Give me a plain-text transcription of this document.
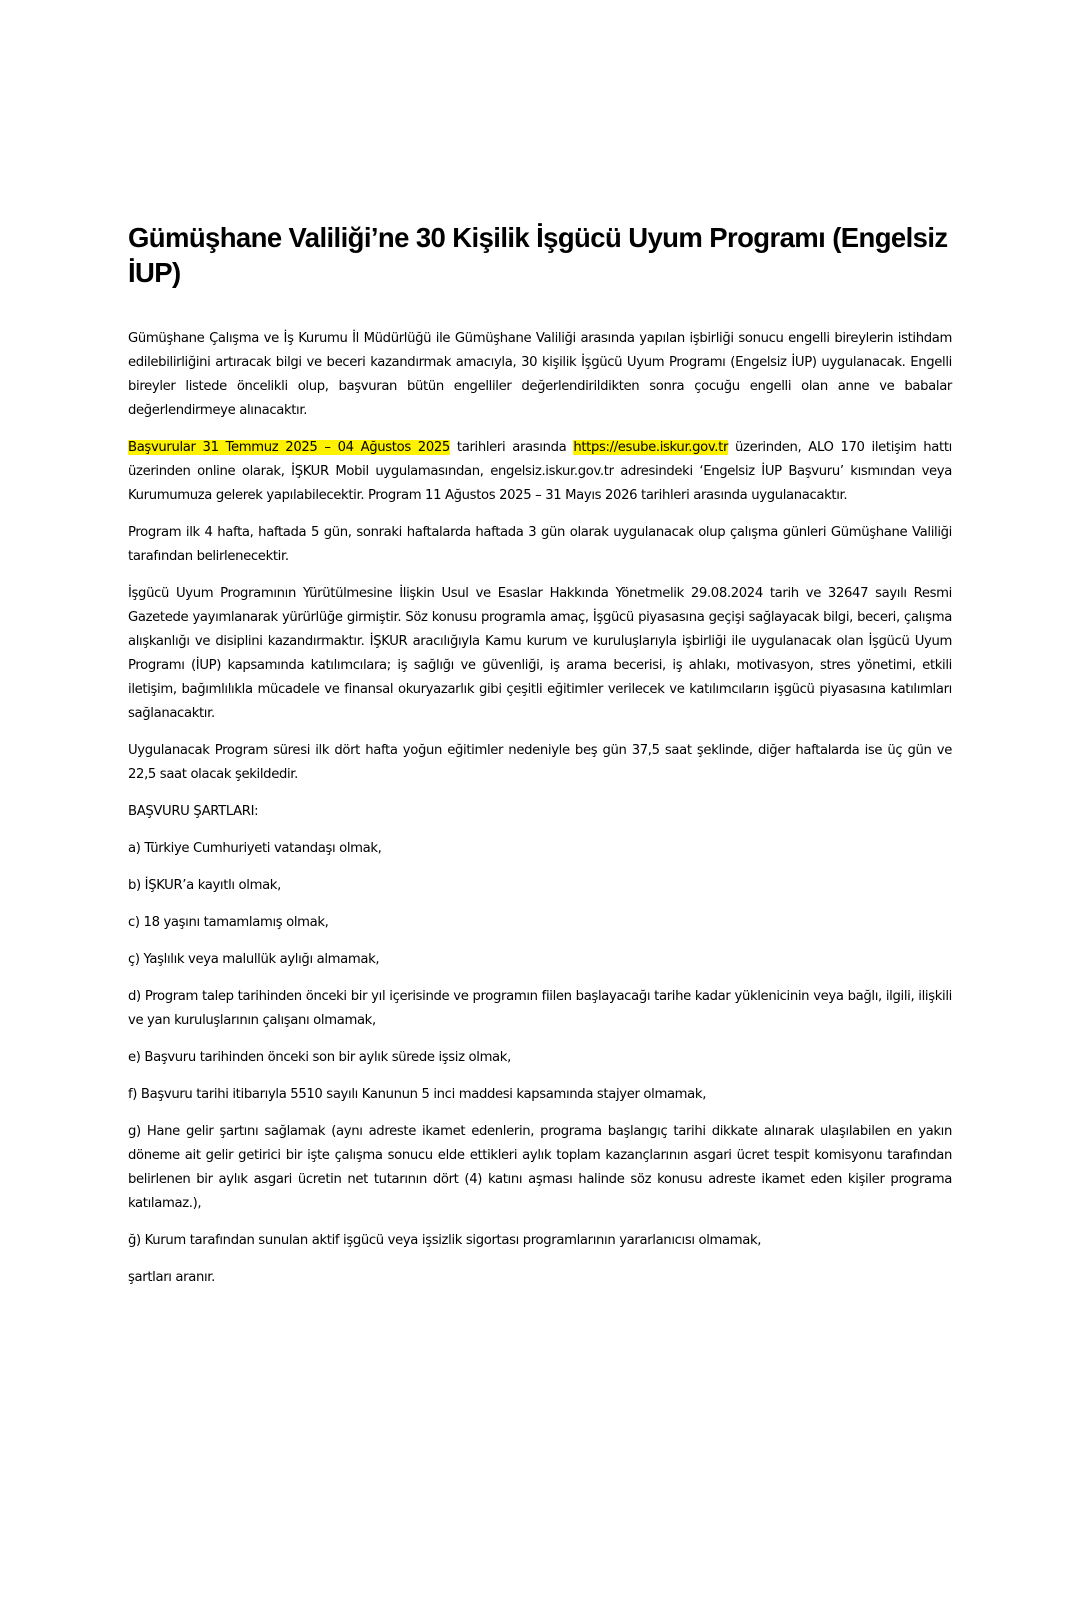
Gümüşhane Valiliği’ne 30 Kişilik İşgücü Uyum Programı (Engelsiz İUP)

Gümüşhane Çalışma ve İş Kurumu İl Müdürlüğü ile Gümüşhane Valiliği arasında yapılan işbirliği sonucu engelli bireylerin istihdam edilebilirliğini artıracak bilgi ve beceri kazandırmak amacıyla, 30 kişilik İşgücü Uyum Programı (Engelsiz İUP) uygulanacak. Engelli bireyler listede öncelikli olup, başvuran bütün engelliler değerlendirildikten sonra çocuğu engelli olan anne ve babalar değerlendirmeye alınacaktır.

Başvurular 31 Temmuz 2025 – 04 Ağustos 2025 tarihleri arasında https://esube.iskur.gov.tr üzerinden, ALO 170 iletişim hattı üzerinden online olarak, İŞKUR Mobil uygulamasından, engelsiz.iskur.gov.tr adresindeki ‘Engelsiz İUP Başvuru’ kısmından veya Kurumumuza gelerek yapılabilecektir. Program 11 Ağustos 2025 – 31 Mayıs 2026 tarihleri arasında uygulanacaktır.

Program ilk 4 hafta, haftada 5 gün, sonraki haftalarda haftada 3 gün olarak uygulanacak olup çalışma günleri Gümüşhane Valiliği tarafından belirlenecektir.

İşgücü Uyum Programının Yürütülmesine İlişkin Usul ve Esaslar Hakkında Yönetmelik 29.08.2024 tarih ve 32647 sayılı Resmi Gazetede yayımlanarak yürürlüğe girmiştir. Söz konusu programla amaç, İşgücü piyasasına geçişi sağlayacak bilgi, beceri, çalışma alışkanlığı ve disiplini kazandırmaktır. İŞKUR aracılığıyla Kamu kurum ve kuruluşlarıyla işbirliği ile uygulanacak olan İşgücü Uyum Programı (İUP) kapsamında katılımcılara; iş sağlığı ve güvenliği, iş arama becerisi, iş ahlakı, motivasyon, stres yönetimi, etkili iletişim, bağımlılıkla mücadele ve finansal okuryazarlık gibi çeşitli eğitimler verilecek ve katılımcıların işgücü piyasasına katılımları sağlanacaktır.

Uygulanacak Program süresi ilk dört hafta yoğun eğitimler nedeniyle beş gün 37,5 saat şeklinde, diğer haftalarda ise üç gün ve 22,5 saat olacak şekildedir.

BAŞVURU ŞARTLARI:

a) Türkiye Cumhuriyeti vatandaşı olmak,

b) İŞKUR’a kayıtlı olmak,

c) 18 yaşını tamamlamış olmak,

ç) Yaşlılık veya malullük aylığı almamak,

d) Program talep tarihinden önceki bir yıl içerisinde ve programın fiilen başlayacağı tarihe kadar yüklenicinin veya bağlı, ilgili, ilişkili ve yan kuruluşlarının çalışanı olmamak,

e) Başvuru tarihinden önceki son bir aylık sürede işsiz olmak,

f) Başvuru tarihi itibarıyla 5510 sayılı Kanunun 5 inci maddesi kapsamında stajyer olmamak,

g) Hane gelir şartını sağlamak (aynı adreste ikamet edenlerin, programa başlangıç tarihi dikkate alınarak ulaşılabilen en yakın döneme ait gelir getirici bir işte çalışma sonucu elde ettikleri aylık toplam kazançlarının asgari ücret tespit komisyonu tarafından belirlenen bir aylık asgari ücretin net tutarının dört (4) katını aşması halinde söz konusu adreste ikamet eden kişiler programa katılamaz.),

ğ) Kurum tarafından sunulan aktif işgücü veya işsizlik sigortası programlarının yararlanıcısı olmamak,

şartları aranır.
